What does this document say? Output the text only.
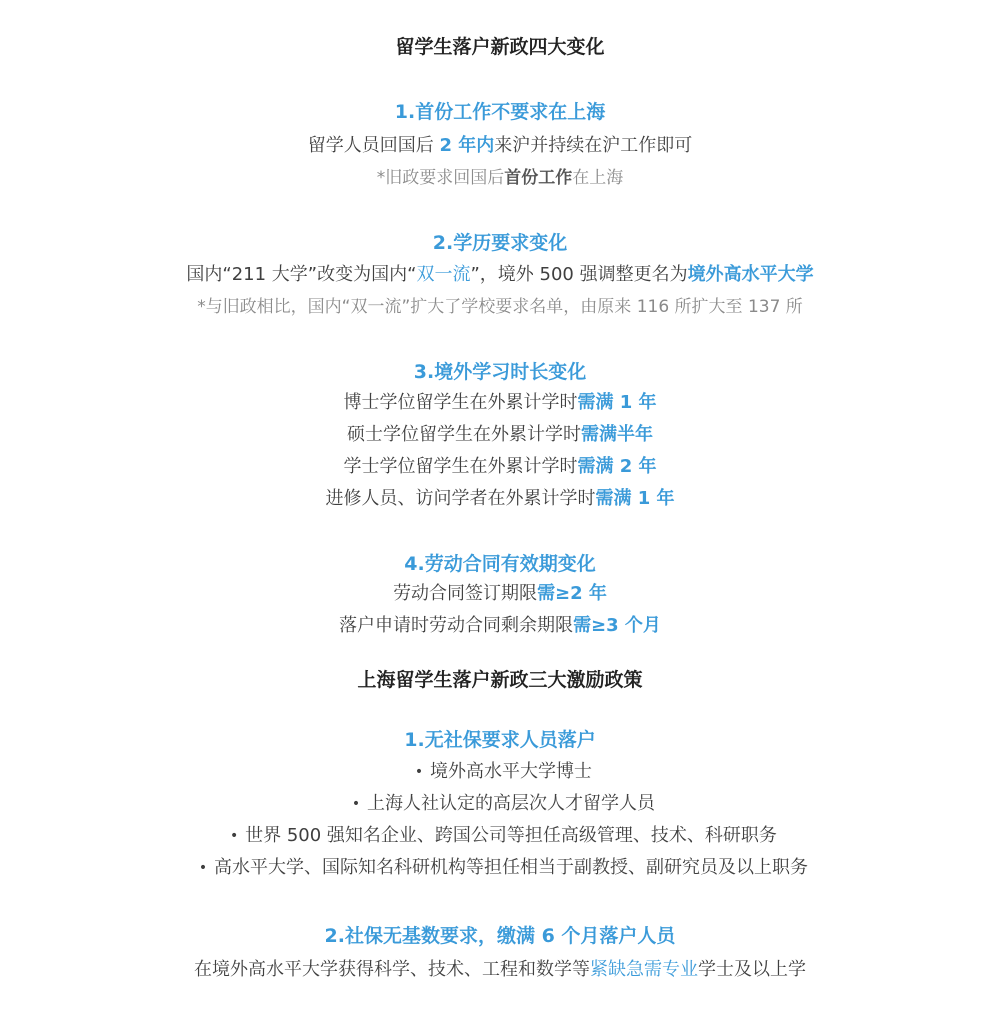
留学生落户新政四大变化

1.首份工作不要求在上海

留学人员回国后 2 年内来沪并持续在沪工作即可

*旧政要求回国后首份工作在上海

2.学历要求变化

国内“211 大学”改变为国内“双一流”，境外 500 强调整更名为境外高水平大学

*与旧政相比，国内“双一流”扩大了学校要求名单，由原来 116 所扩大至 137 所

3.境外学习时长变化

博士学位留学生在外累计学时需满 1 年

硕士学位留学生在外累计学时需满半年

学士学位留学生在外累计学时需满 2 年

进修人员、访问学者在外累计学时需满 1 年

4.劳动合同有效期变化

劳动合同签订期限需≥2 年

落户申请时劳动合同剩余期限需≥3 个月

上海留学生落户新政三大激励政策

1.无社保要求人员落户

• 境外高水平大学博士
• 上海人社认定的高层次人才留学人员
• 世界 500 强知名企业、跨国公司等担任高级管理、技术、科研职务
• 高水平大学、国际知名科研机构等担任相当于副教授、副研究员及以上职务

2.社保无基数要求，缴满 6 个月落户人员

在境外高水平大学获得科学、技术、工程和数学等紧缺急需专业学士及以上学
